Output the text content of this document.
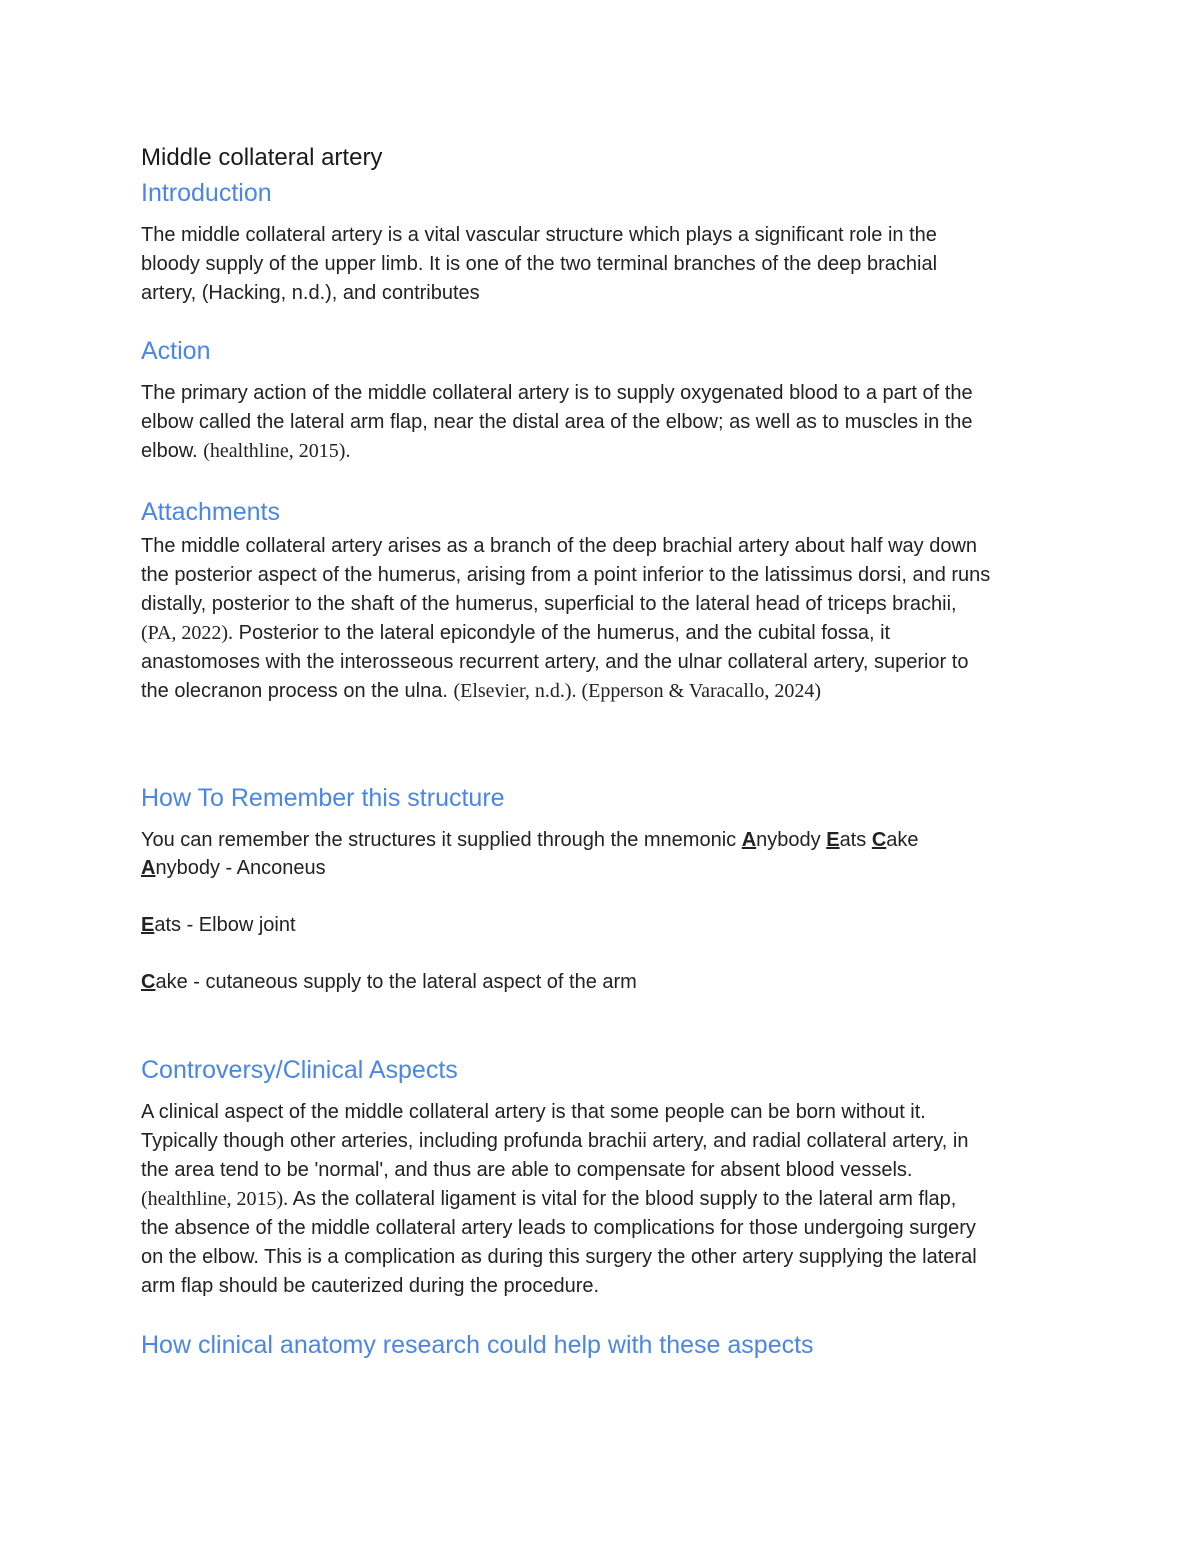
Middle collateral artery
Introduction
The middle collateral artery is a vital vascular structure which plays a significant role in the
bloody supply of the upper limb. It is one of the two terminal branches of the deep brachial
artery, (Hacking, n.d.), and contributes
Action
The primary action of the middle collateral artery is to supply oxygenated blood to a part of the
elbow called the lateral arm flap, near the distal area of the elbow; as well as to muscles in the
elbow. (healthline, 2015).
Attachments
The middle collateral artery arises as a branch of the deep brachial artery about half way down
the posterior aspect of the humerus, arising from a point inferior to the latissimus dorsi, and runs
distally, posterior to the shaft of the humerus, superficial to the lateral head of triceps brachii,
(PA, 2022). Posterior to the lateral epicondyle of the humerus, and the cubital fossa, it
anastomoses with the interosseous recurrent artery, and the ulnar collateral artery, superior to
the olecranon process on the ulna. (Elsevier, n.d.). (Epperson & Varacallo, 2024)
How To Remember this structure
You can remember the structures it supplied through the mnemonic Anybody Eats Cake
Anybody - Anconeus
Eats - Elbow joint
Cake - cutaneous supply to the lateral aspect of the arm
Controversy/Clinical Aspects
A clinical aspect of the middle collateral artery is that some people can be born without it.
Typically though other arteries, including profunda brachii artery, and radial collateral artery, in
the area tend to be 'normal', and thus are able to compensate for absent blood vessels.
(healthline, 2015). As the collateral ligament is vital for the blood supply to the lateral arm flap,
the absence of the middle collateral artery leads to complications for those undergoing surgery
on the elbow. This is a complication as during this surgery the other artery supplying the lateral
arm flap should be cauterized during the procedure.
How clinical anatomy research could help with these aspects
